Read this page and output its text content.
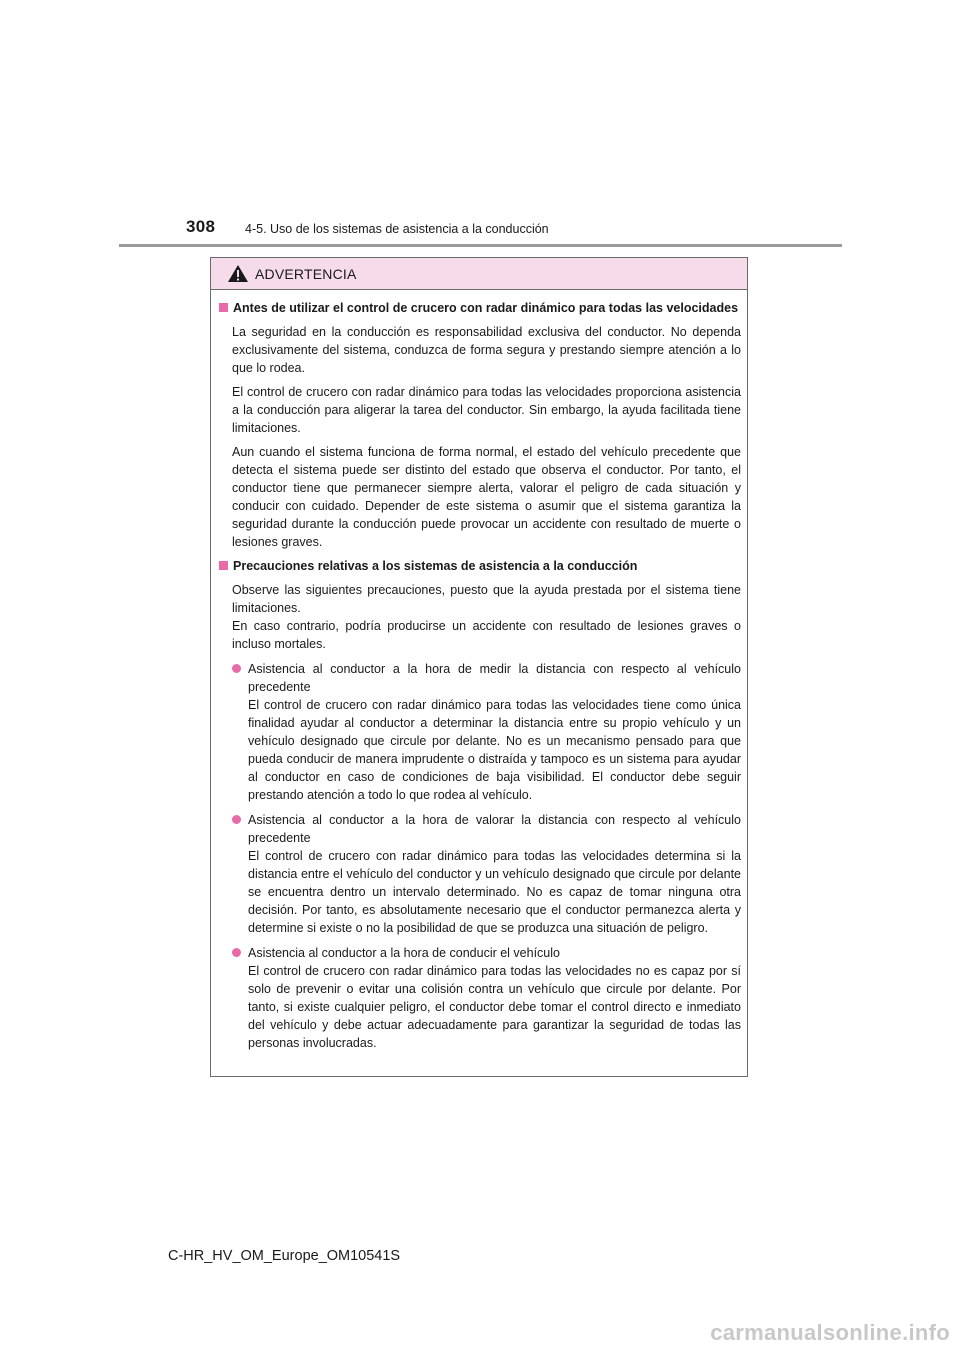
308 4-5. Uso de los sistemas de asistencia a la conducción
ADVERTENCIA
Antes de utilizar el control de crucero con radar dinámico para todas las velocidades

La seguridad en la conducción es responsabilidad exclusiva del conductor. No dependa exclusivamente del sistema, conduzca de forma segura y prestando siempre atención a lo que lo rodea.

El control de crucero con radar dinámico para todas las velocidades proporciona asistencia a la conducción para aligerar la tarea del conductor. Sin embargo, la ayuda facilitada tiene limitaciones.

Aun cuando el sistema funciona de forma normal, el estado del vehículo precedente que detecta el sistema puede ser distinto del estado que observa el conductor. Por tanto, el conductor tiene que permanecer siempre alerta, valorar el peligro de cada situación y conducir con cuidado. Depender de este sistema o asumir que el sistema garantiza la seguridad durante la conducción puede provocar un accidente con resultado de muerte o lesiones graves.

Precauciones relativas a los sistemas de asistencia a la conducción

Observe las siguientes precauciones, puesto que la ayuda prestada por el sistema tiene limitaciones.

En caso contrario, podría producirse un accidente con resultado de lesiones graves o incluso mortales.

Asistencia al conductor a la hora de medir la distancia con respecto al vehículo precedente
El control de crucero con radar dinámico para todas las velocidades tiene como única finalidad ayudar al conductor a determinar la distancia entre su propio vehículo y un vehículo designado que circule por delante. No es un mecanismo pensado para que pueda conducir de manera imprudente o distraída y tampoco es un sistema para ayudar al conductor en caso de condiciones de baja visibilidad. El conductor debe seguir prestando atención a todo lo que rodea al vehículo.
Asistencia al conductor a la hora de valorar la distancia con respecto al vehículo precedente
El control de crucero con radar dinámico para todas las velocidades determina si la distancia entre el vehículo del conductor y un vehículo designado que circule por delante se encuentra dentro un intervalo determinado. No es capaz de tomar ninguna otra decisión. Por tanto, es absolutamente necesario que el conductor permanezca alerta y determine si existe o no la posibilidad de que se produzca una situación de peligro.
Asistencia al conductor a la hora de conducir el vehículo
El control de crucero con radar dinámico para todas las velocidades no es capaz por sí solo de prevenir o evitar una colisión contra un vehículo que circule por delante. Por tanto, si existe cualquier peligro, el conductor debe tomar el control directo e inmediato del vehículo y debe actuar adecuadamente para garantizar la seguridad de todas las personas involucradas.
C-HR_HV_OM_Europe_OM10541S
carmanualsonline.info
